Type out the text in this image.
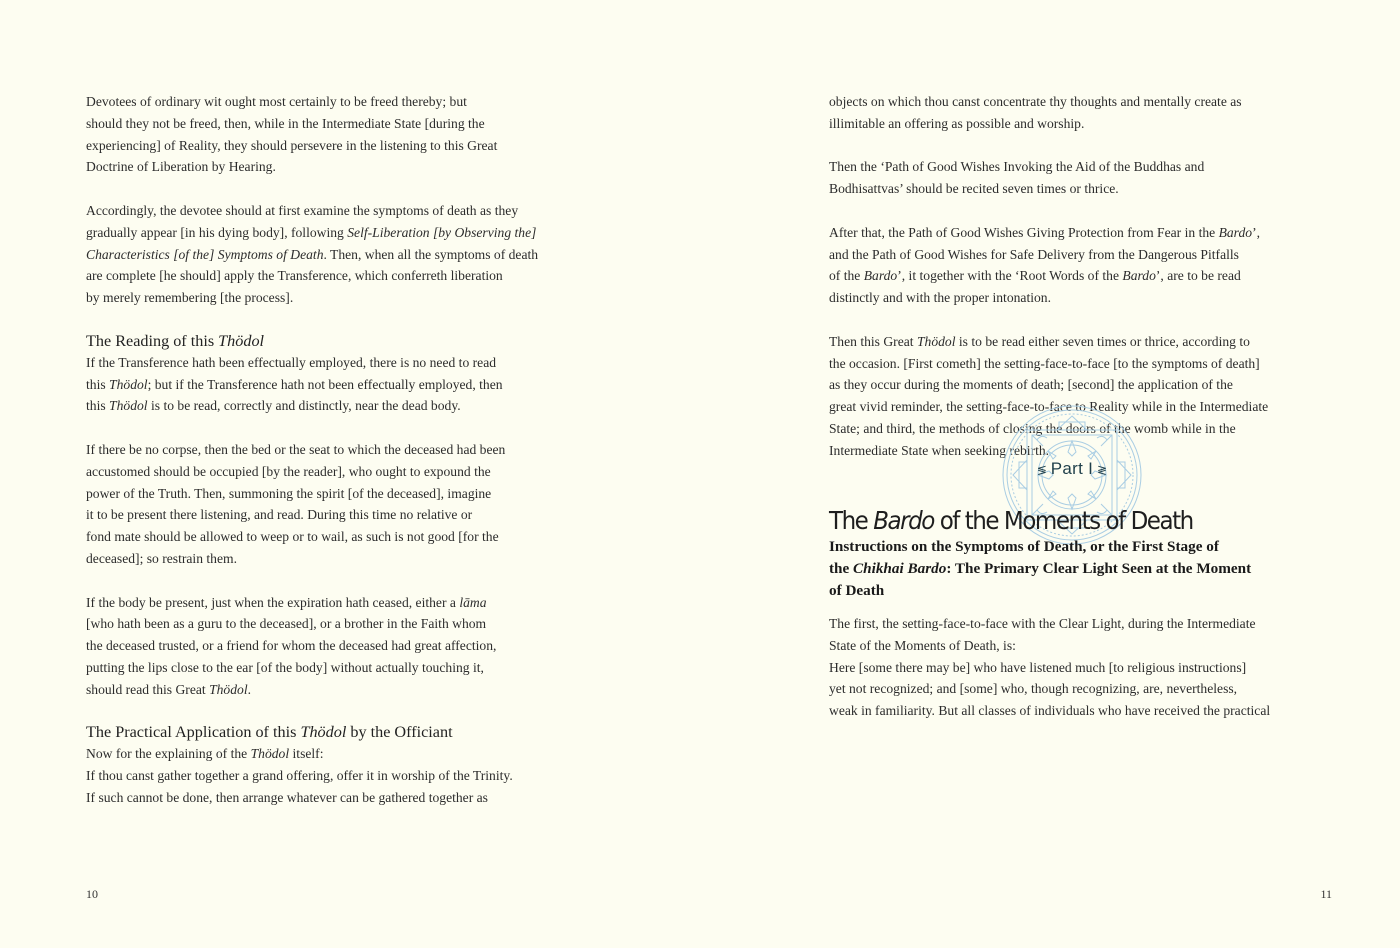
Devotees of ordinary wit ought most certainly to be freed thereby; but
should they not be freed, then, while in the Intermediate State [during the
experiencing] of Reality, they should persevere in the listening to this Great
Doctrine of Liberation by Hearing.

Accordingly, the devotee should at first examine the symptoms of death as they
gradually appear [in his dying body], following Self-Liberation [by Observing the]
Characteristics [of the] Symptoms of Death. Then, when all the symptoms of death
are complete [he should] apply the Transference, which conferreth liberation
by merely remembering [the process].

The Reading of this Thödol

If the Transference hath been effectually employed, there is no need to read
this Thödol; but if the Transference hath not been effectually employed, then
this Thödol is to be read, correctly and distinctly, near the dead body.

If there be no corpse, then the bed or the seat to which the deceased had been
accustomed should be occupied [by the reader], who ought to expound the
power of the Truth. Then, summoning the spirit [of the deceased], imagine
it to be present there listening, and read. During this time no relative or
fond mate should be allowed to weep or to wail, as such is not good [for the
deceased]; so restrain them.

If the body be present, just when the expiration hath ceased, either a lāma
[who hath been as a guru to the deceased], or a brother in the Faith whom
the deceased trusted, or a friend for whom the deceased had great affection,
putting the lips close to the ear [of the body] without actually touching it,
should read this Great Thödol.

The Practical Application of this Thödol by the Officiant

Now for the explaining of the Thödol itself:
If thou canst gather together a grand offering, offer it in worship of the Trinity.
If such cannot be done, then arrange whatever can be gathered together as

10

objects on which thou canst concentrate thy thoughts and mentally create as
illimitable an offering as possible and worship.

Then the ‘Path of Good Wishes Invoking the Aid of the Buddhas and
Bodhisattvas’ should be recited seven times or thrice.

After that, the Path of Good Wishes Giving Protection from Fear in the Bardo’,
and the Path of Good Wishes for Safe Delivery from the Dangerous Pitfalls
of the Bardo’, it together with the ‘Root Words of the Bardo’, are to be read
distinctly and with the proper intonation.

Then this Great Thödol is to be read either seven times or thrice, according to
the occasion. [First cometh] the setting-face-to-face [to the symptoms of death]
as they occur during the moments of death; [second] the application of the
great vivid reminder, the setting-face-to-face to Reality while in the Intermediate
State; and third, the methods of closing the doors of the womb while in the
Intermediate State when seeking rebirth.

≶ Part I ≷
The Bardo of the Moments of Death
Instructions on the Symptoms of Death, or the First Stage of
the Chikhai Bardo: The Primary Clear Light Seen at the Moment
of Death

The first, the setting-face-to-face with the Clear Light, during the Intermediate
State of the Moments of Death, is:
Here [some there may be] who have listened much [to religious instructions]
yet not recognized; and [some] who, though recognizing, are, nevertheless,
weak in familiarity. But all classes of individuals who have received the practical

11
